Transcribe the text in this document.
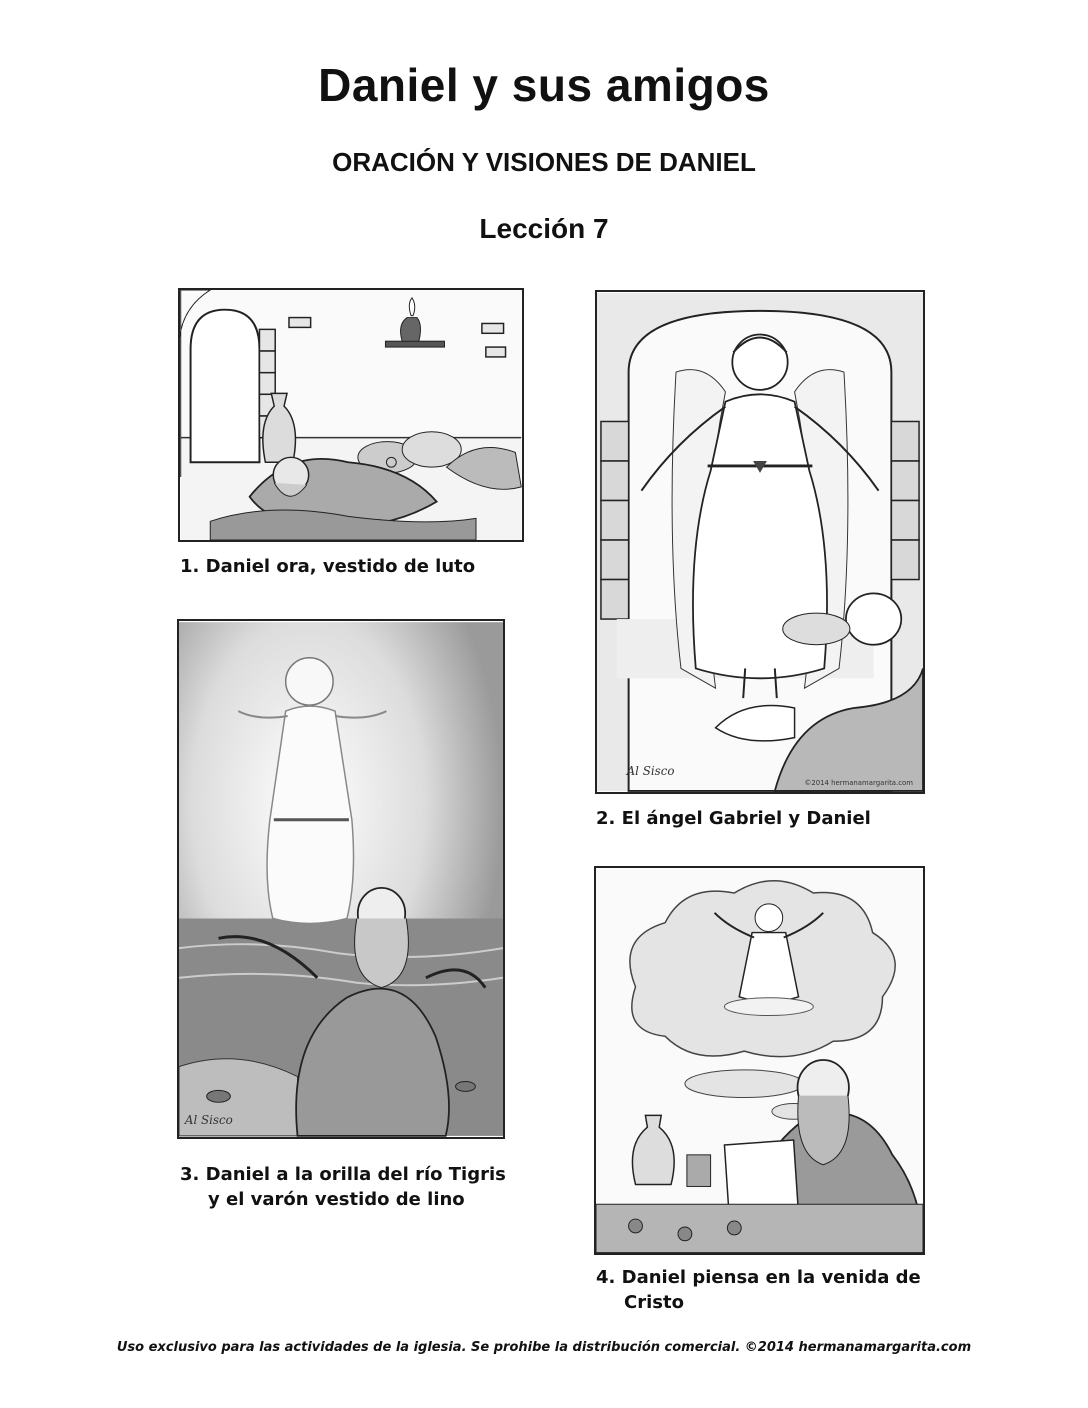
Daniel y sus amigos
ORACIÓN Y VISIONES DE DANIEL
Lección 7
1. Daniel ora, vestido de luto
Al Sisco
©2014 hermanamargarita.com
2. El ángel Gabriel y Daniel
Al Sisco
3. Daniel a la orilla del río Tigris
y el varón vestido de lino
4. Daniel piensa en la venida de
Cristo
Uso exclusivo para las actividades de la iglesia. Se prohibe la distribución comercial. ©2014 hermanamargarita.com
